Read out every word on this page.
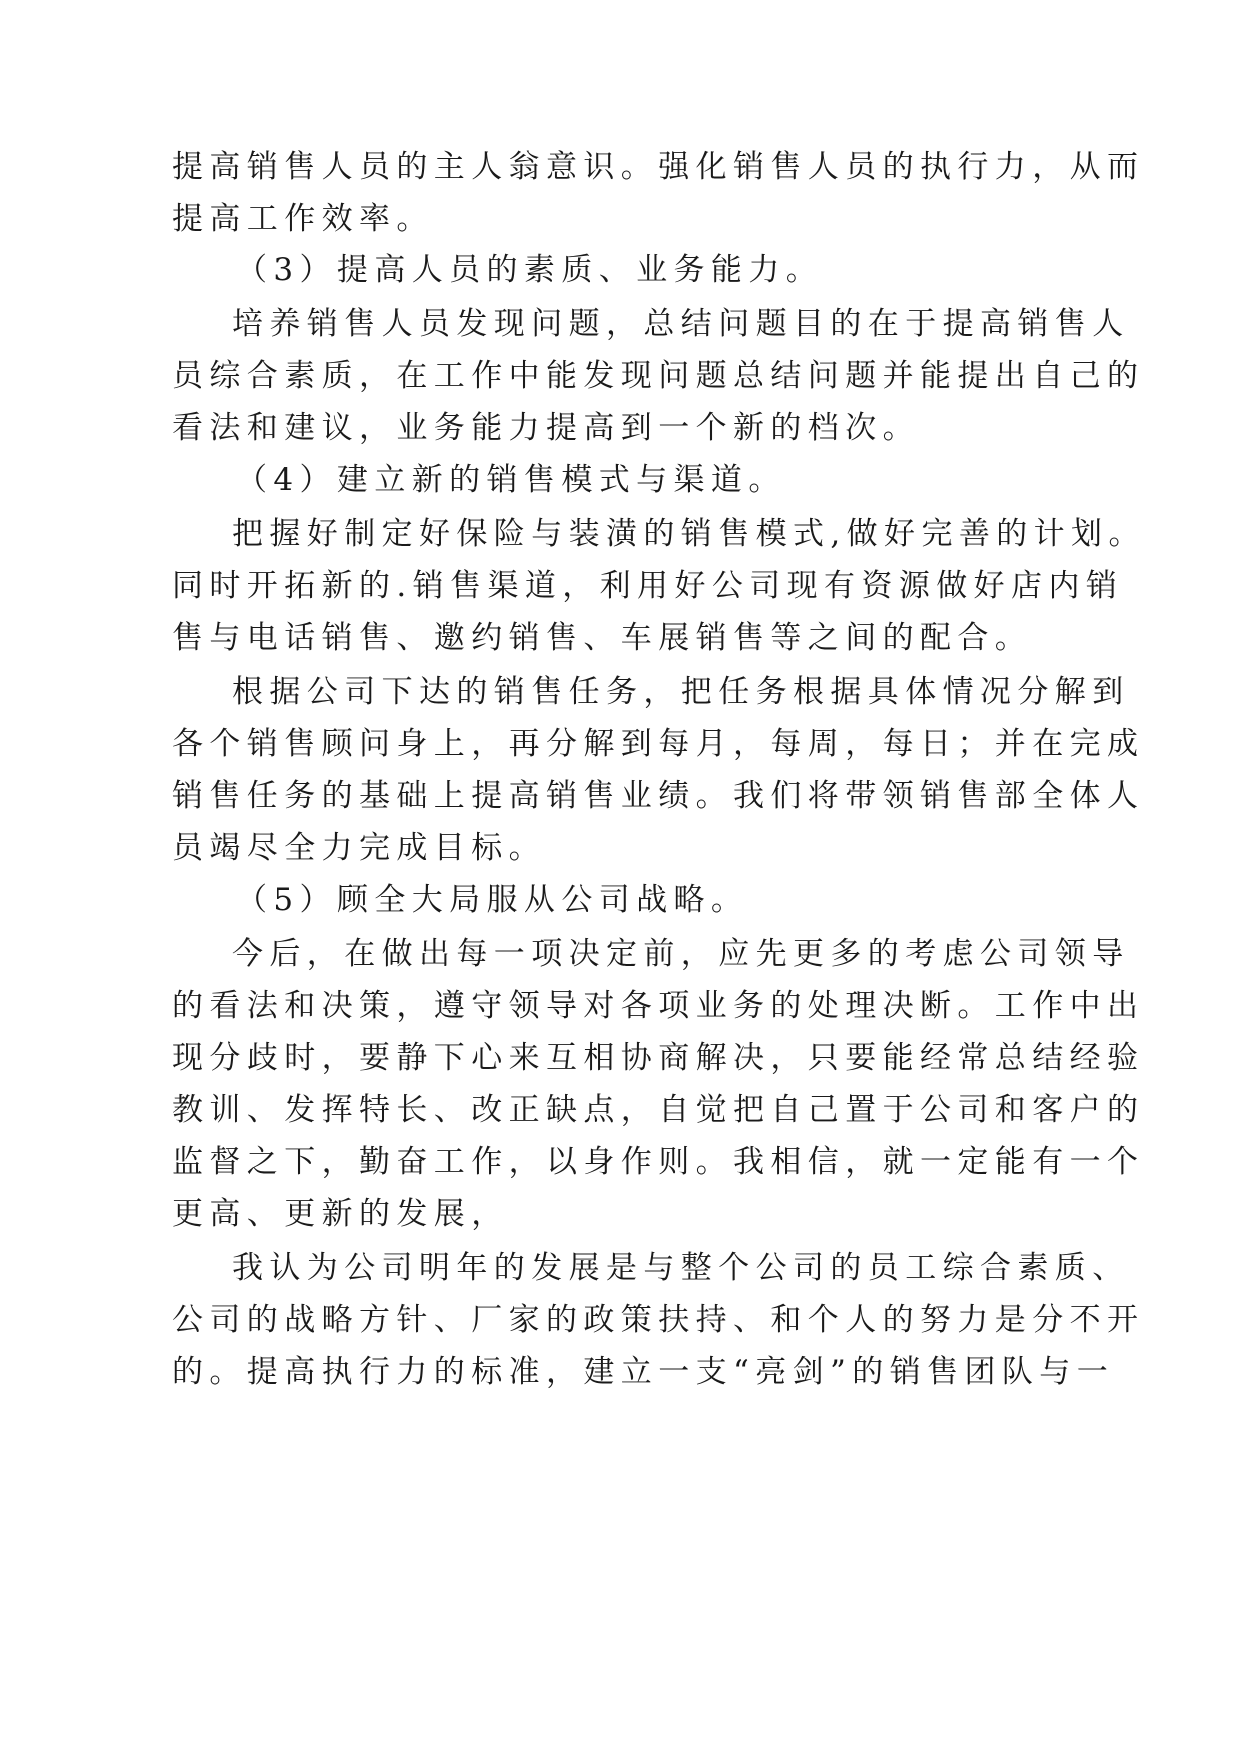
提高销售人员的主人翁意识。强化销售人员的执行力，从而
提高工作效率。
（3）提高人员的素质、业务能力。
培养销售人员发现问题，总结问题目的在于提高销售人
员综合素质，在工作中能发现问题总结问题并能提出自己的
看法和建议，业务能力提高到一个新的档次。
（4）建立新的销售模式与渠道。
把握好制定好保险与装潢的销售模式,做好完善的计划。
同时开拓新的.销售渠道，利用好公司现有资源做好店内销
售与电话销售、邀约销售、车展销售等之间的配合。
根据公司下达的销售任务，把任务根据具体情况分解到
各个销售顾问身上，再分解到每月，每周，每日；并在完成
销售任务的基础上提高销售业绩。我们将带领销售部全体人
员竭尽全力完成目标。
（5）顾全大局服从公司战略。
今后，在做出每一项决定前，应先更多的考虑公司领导
的看法和决策，遵守领导对各项业务的处理决断。工作中出
现分歧时，要静下心来互相协商解决，只要能经常总结经验
教训、发挥特长、改正缺点，自觉把自己置于公司和客户的
监督之下，勤奋工作，以身作则。我相信，就一定能有一个
更高、更新的发展，
我认为公司明年的发展是与整个公司的员工综合素质、
公司的战略方针、厂家的政策扶持、和个人的努力是分不开
的。提高执行力的标准，建立一支“亮剑”的销售团队与一
